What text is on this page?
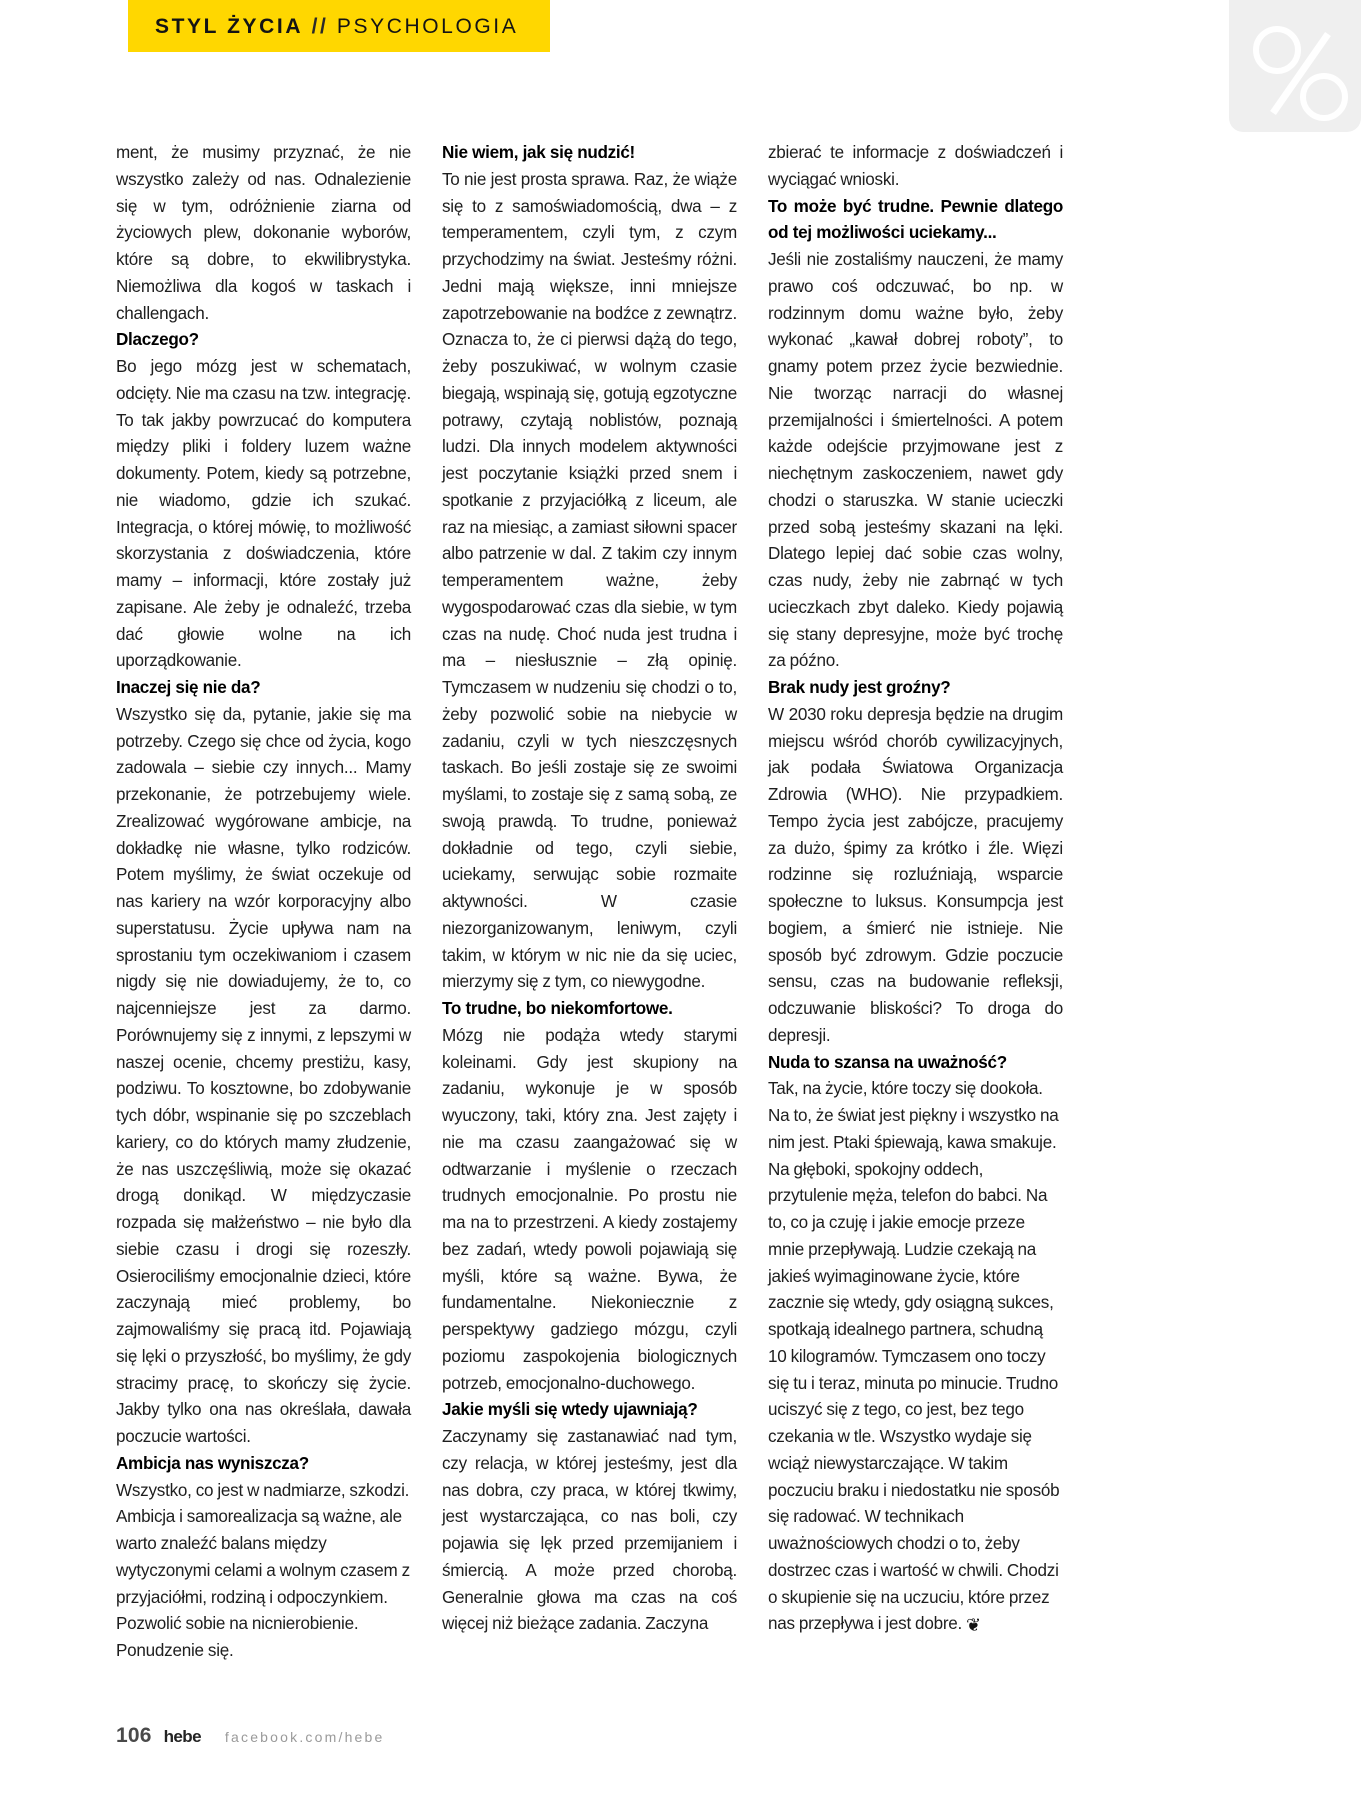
STYL ŻYCIA // PSYCHOLOGIA

ment, że musimy przyznać, że nie wszystko zależy od nas. Odnalezienie się w tym, odróżnienie ziarna od życiowych plew, dokonanie wyborów, które są dobre, to ekwilibrystyka. Niemożliwa dla kogoś w taskach i challengach.

Dlaczego?

Bo jego mózg jest w schematach, odcięty. Nie ma czasu na tzw. integrację. To tak jakby powrzucać do komputera między pliki i foldery luzem ważne dokumenty. Potem, kiedy są potrzebne, nie wiadomo, gdzie ich szukać. Integracja, o której mówię, to możliwość skorzystania z doświadczenia, które mamy – informacji, które zostały już zapisane. Ale żeby je odnaleźć, trzeba dać głowie wolne na ich uporządkowanie.

Inaczej się nie da?

Wszystko się da, pytanie, jakie się ma potrzeby. Czego się chce od życia, kogo zadowala – siebie czy innych... Mamy przekonanie, że potrzebujemy wiele. Zrealizować wygórowane ambicje, na dokładkę nie własne, tylko rodziców. Potem myślimy, że świat oczekuje od nas kariery na wzór korporacyjny albo superstatusu. Życie upływa nam na sprostaniu tym oczekiwaniom i czasem nigdy się nie dowiadujemy, że to, co najcenniejsze jest za darmo. Porównujemy się z innymi, z lepszymi w naszej ocenie, chcemy prestiżu, kasy, podziwu. To kosztowne, bo zdobywanie tych dóbr, wspinanie się po szczeblach kariery, co do których mamy złudzenie, że nas uszczęśliwią, może się okazać drogą donikąd. W międzyczasie rozpada się małżeństwo – nie było dla siebie czasu i drogi się rozeszły. Osierociliśmy emocjonalnie dzieci, które zaczynają mieć problemy, bo zajmowaliśmy się pracą itd. Pojawiają się lęki o przyszłość, bo myślimy, że gdy stracimy pracę, to skończy się życie. Jakby tylko ona nas określała, dawała poczucie wartości.

Ambicja nas wyniszcza?

Wszystko, co jest w nadmiarze, szkodzi. Ambicja i samorealizacja są ważne, ale warto znaleźć balans między wytyczonymi celami a wolnym czasem z przyjaciółmi, rodziną i odpoczynkiem. Pozwolić sobie na nicnierobienie. Ponudzenie się.

Nie wiem, jak się nudzić!

To nie jest prosta sprawa. Raz, że wiąże się to z samoświadomością, dwa – z temperamentem, czyli tym, z czym przychodzimy na świat. Jesteśmy różni. Jedni mają większe, inni mniejsze zapotrzebowanie na bodźce z zewnątrz. Oznacza to, że ci pierwsi dążą do tego, żeby poszukiwać, w wolnym czasie biegają, wspinają się, gotują egzotyczne potrawy, czytają noblistów, poznają ludzi. Dla innych modelem aktywności jest poczytanie książki przed snem i spotkanie z przyjaciółką z liceum, ale raz na miesiąc, a zamiast siłowni spacer albo patrzenie w dal. Z takim czy innym temperamentem ważne, żeby wygospodarować czas dla siebie, w tym czas na nudę. Choć nuda jest trudna i ma – niesłusznie – złą opinię. Tymczasem w nudzeniu się chodzi o to, żeby pozwolić sobie na niebycie w zadaniu, czyli w tych nieszczęsnych taskach. Bo jeśli zostaje się ze swoimi myślami, to zostaje się z samą sobą, ze swoją prawdą. To trudne, ponieważ dokładnie od tego, czyli siebie, uciekamy, serwując sobie rozmaite aktywności. W czasie niezorganizowanym, leniwym, czyli takim, w którym w nic nie da się uciec, mierzymy się z tym, co niewygodne.

To trudne, bo niekomfortowe.

Mózg nie podąża wtedy starymi koleinami. Gdy jest skupiony na zadaniu, wykonuje je w sposób wyuczony, taki, który zna. Jest zajęty i nie ma czasu zaangażować się w odtwarzanie i myślenie o rzeczach trudnych emocjonalnie. Po prostu nie ma na to przestrzeni. A kiedy zostajemy bez zadań, wtedy powoli pojawiają się myśli, które są ważne. Bywa, że fundamentalne. Niekoniecznie z perspektywy gadziego mózgu, czyli poziomu zaspokojenia biologicznych potrzeb, emocjonalno-duchowego.

Jakie myśli się wtedy ujawniają?

Zaczynamy się zastanawiać nad tym, czy relacja, w której jesteśmy, jest dla nas dobra, czy praca, w której tkwimy, jest wystarczająca, co nas boli, czy pojawia się lęk przed przemijaniem i śmiercią. A może przed chorobą. Generalnie głowa ma czas na coś więcej niż bieżące zadania. Zaczyna

zbierać te informacje z doświadczeń i wyciągać wnioski.

To może być trudne. Pewnie dlatego od tej możliwości uciekamy...

Jeśli nie zostaliśmy nauczeni, że mamy prawo coś odczuwać, bo np. w rodzinnym domu ważne było, żeby wykonać „kawał dobrej roboty”, to gnamy potem przez życie bezwiednie. Nie tworząc narracji do własnej przemijalności i śmiertelności. A potem każde odejście przyjmowane jest z niechętnym zaskoczeniem, nawet gdy chodzi o staruszka. W stanie ucieczki przed sobą jesteśmy skazani na lęki. Dlatego lepiej dać sobie czas wolny, czas nudy, żeby nie zabrnąć w tych ucieczkach zbyt daleko. Kiedy pojawią się stany depresyjne, może być trochę za późno.

Brak nudy jest groźny?

W 2030 roku depresja będzie na drugim miejscu wśród chorób cywilizacyjnych, jak podała Światowa Organizacja Zdrowia (WHO). Nie przypadkiem. Tempo życia jest zabójcze, pracujemy za dużo, śpimy za krótko i źle. Więzi rodzinne się rozluźniają, wsparcie społeczne to luksus. Konsumpcja jest bogiem, a śmierć nie istnieje. Nie sposób być zdrowym. Gdzie poczucie sensu, czas na budowanie refleksji, odczuwanie bliskości? To droga do depresji.

Nuda to szansa na uważność?

Tak, na życie, które toczy się dookoła. Na to, że świat jest piękny i wszystko na nim jest. Ptaki śpiewają, kawa smakuje. Na głęboki, spokojny oddech, przytulenie męża, telefon do babci. Na to, co ja czuję i jakie emocje przeze mnie przepływają. Ludzie czekają na jakieś wyimaginowane życie, które zacznie się wtedy, gdy osiągną sukces, spotkają idealnego partnera, schudną 10 kilogramów. Tymczasem ono toczy się tu i teraz, minuta po minucie. Trudno uciszyć się z tego, co jest, bez tego czekania w tle. Wszystko wydaje się wciąż niewystarczające. W takim poczuciu braku i niedostatku nie sposób się radować. W technikach uważnościowych chodzi o to, żeby dostrzec czas i wartość w chwili. Chodzi o skupienie się na uczuciu, które przez nas przepływa i jest dobre. ❦

106 hebe facebook.com/hebe
